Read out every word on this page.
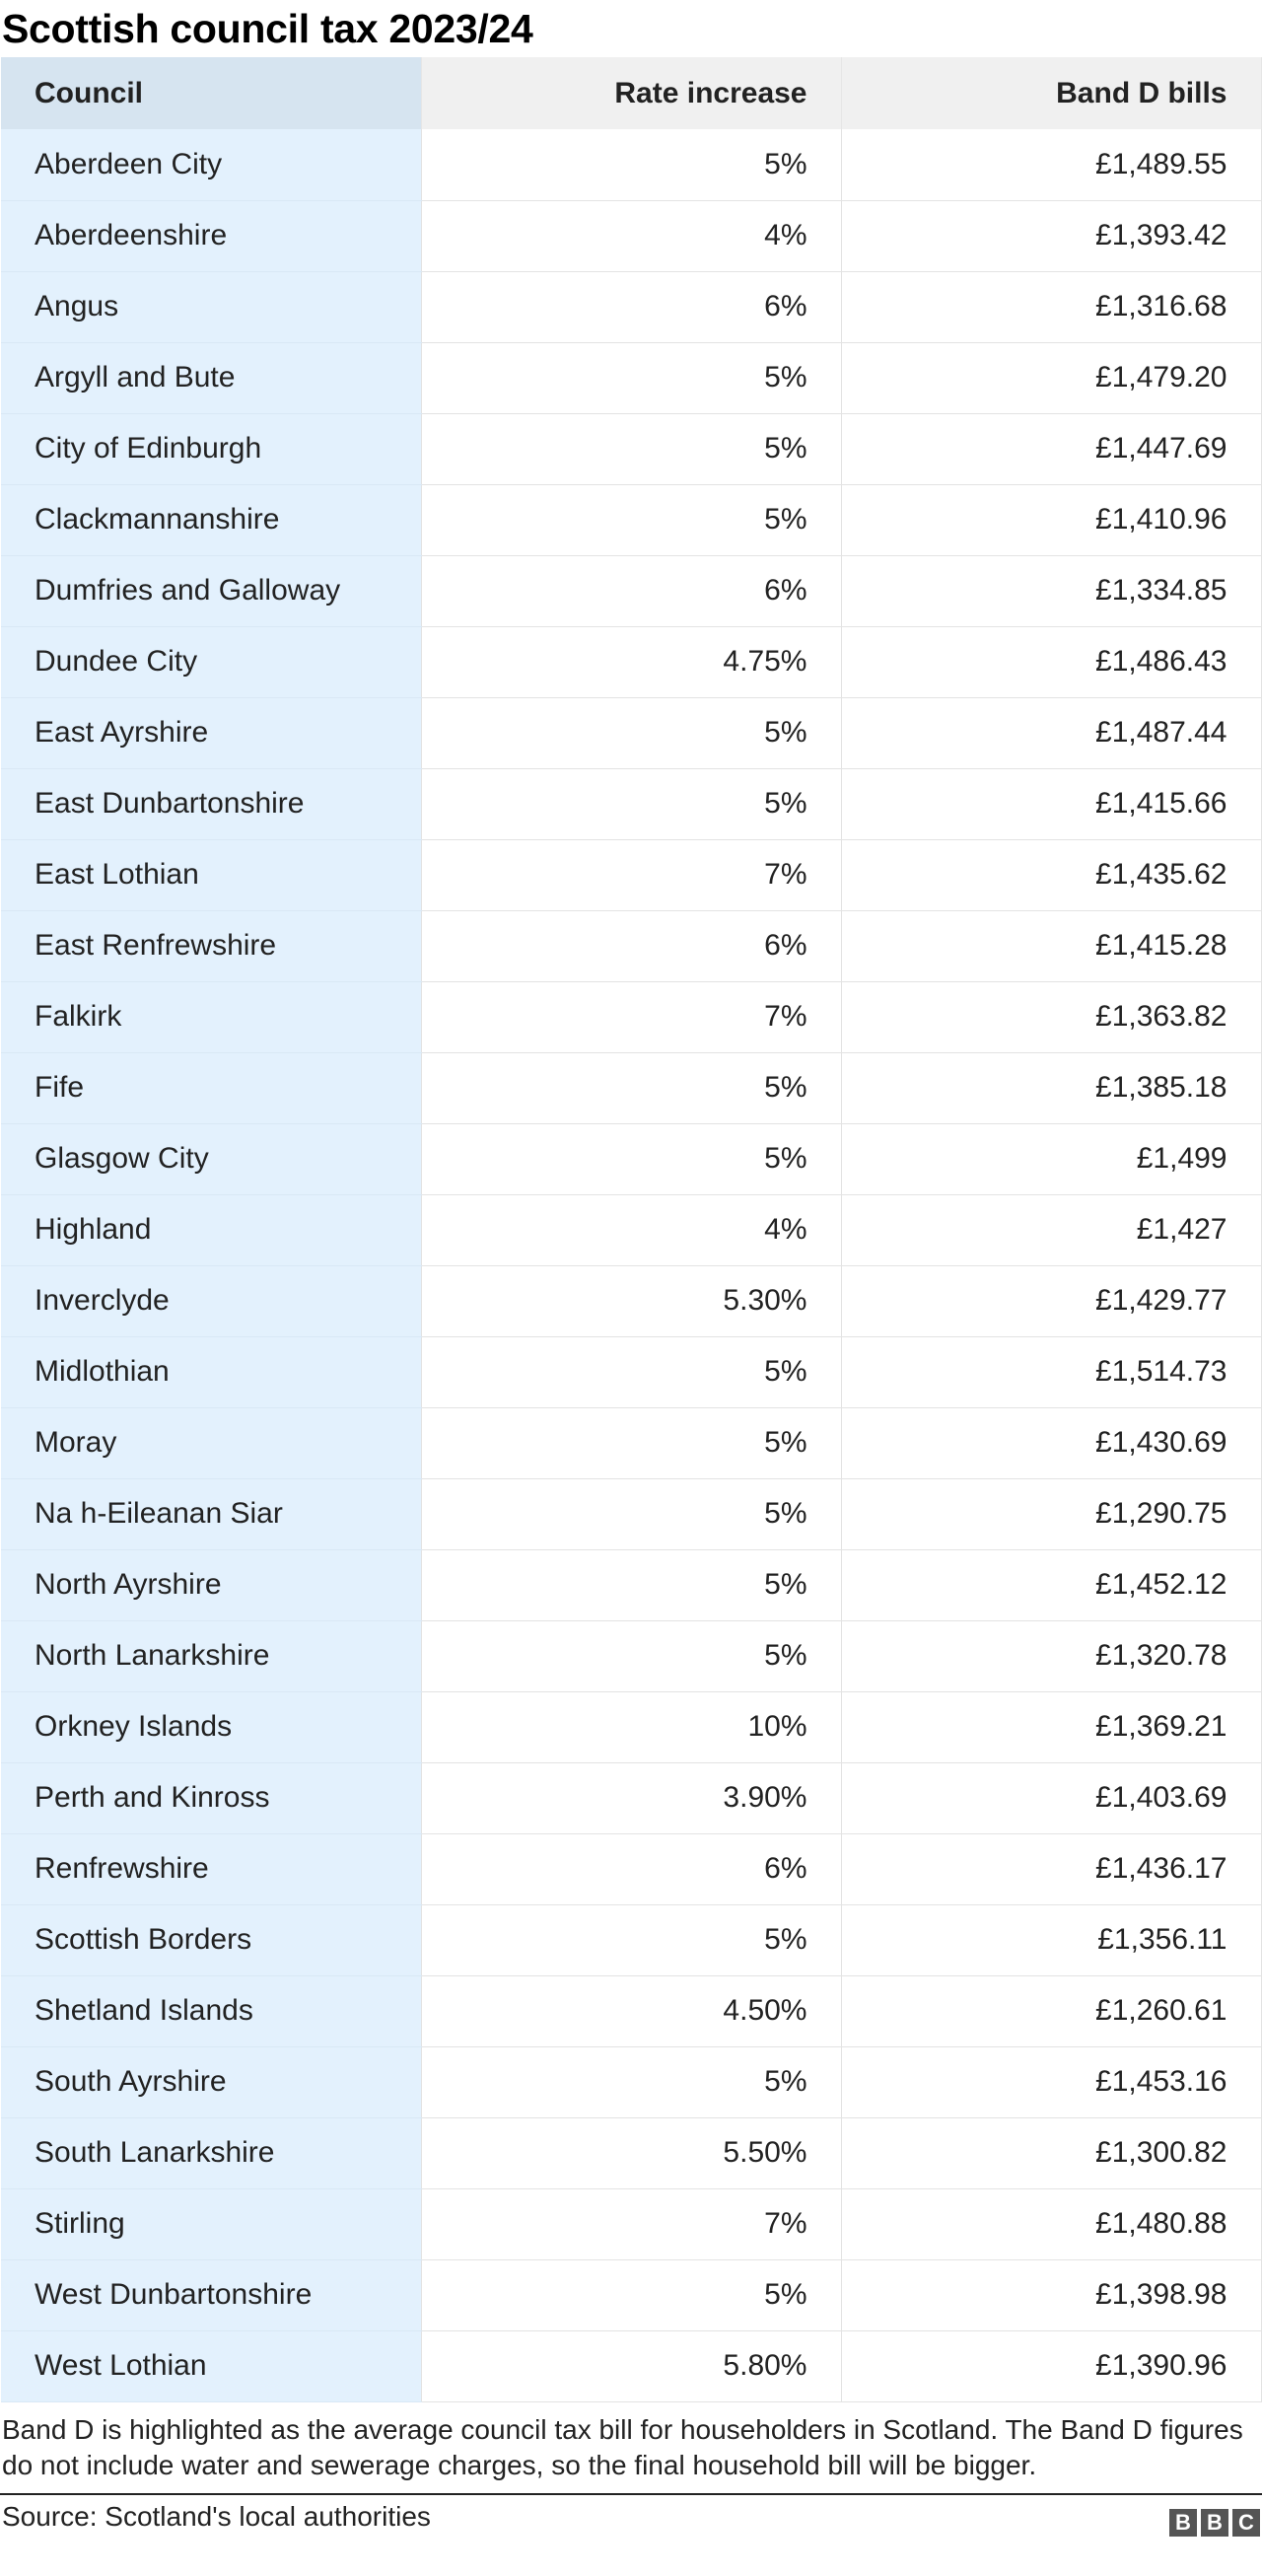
Scottish council tax 2023/24
Council	Rate increase	Band D bills
Aberdeen City	5%	£1,489.55
Aberdeenshire	4%	£1,393.42
Angus	6%	£1,316.68
Argyll and Bute	5%	£1,479.20
City of Edinburgh	5%	£1,447.69
Clackmannanshire	5%	£1,410.96
Dumfries and Galloway	6%	£1,334.85
Dundee City	4.75%	£1,486.43
East Ayrshire	5%	£1,487.44
East Dunbartonshire	5%	£1,415.66
East Lothian	7%	£1,435.62
East Renfrewshire	6%	£1,415.28
Falkirk	7%	£1,363.82
Fife	5%	£1,385.18
Glasgow City	5%	£1,499
Highland	4%	£1,427
Inverclyde	5.30%	£1,429.77
Midlothian	5%	£1,514.73
Moray	5%	£1,430.69
Na h-Eileanan Siar	5%	£1,290.75
North Ayrshire	5%	£1,452.12
North Lanarkshire	5%	£1,320.78
Orkney Islands	10%	£1,369.21
Perth and Kinross	3.90%	£1,403.69
Renfrewshire	6%	£1,436.17
Scottish Borders	5%	£1,356.11
Shetland Islands	4.50%	£1,260.61
South Ayrshire	5%	£1,453.16
South Lanarkshire	5.50%	£1,300.82
Stirling	7%	£1,480.88
West Dunbartonshire	5%	£1,398.98
West Lothian	5.80%	£1,390.96
Band D is highlighted as the average council tax bill for householders in Scotland. The Band D figures do not include water and sewerage charges, so the final household bill will be bigger.
Source: Scotland's local authorities	B B C
